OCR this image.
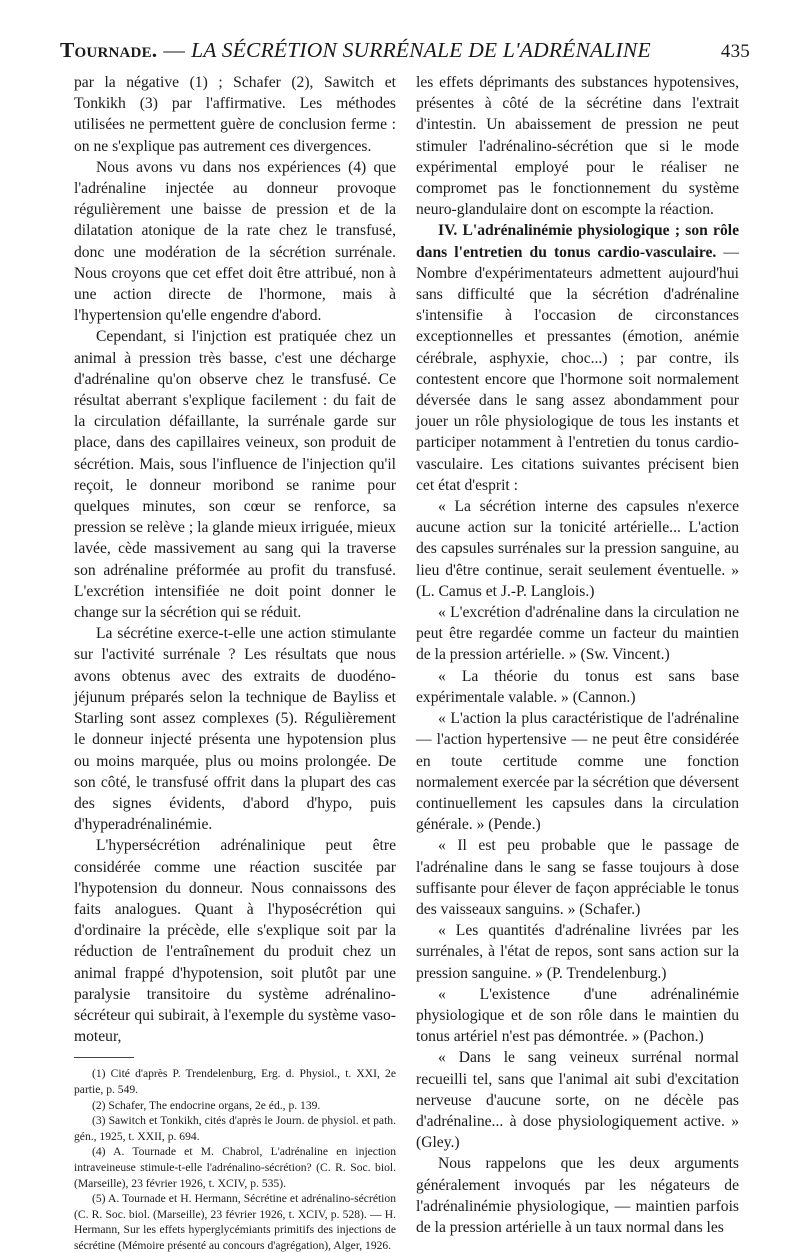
Tournade. — LA SÉCRÉTION SURRÉNALE DE L'ADRÉNALINE	435

par la négative (1) ; Schafer (2), Sawitch et Tonkikh (3) par l'affirmative. Les méthodes utilisées ne permettent guère de conclusion ferme : on ne s'explique pas autrement ces divergences.

Nous avons vu dans nos expériences (4) que l'adrénaline injectée au donneur provoque régulièrement une baisse de pression et de la dilatation atonique de la rate chez le transfusé, donc une modération de la sécrétion surrénale. Nous croyons que cet effet doit être attribué, non à une action directe de l'hormone, mais à l'hypertension qu'elle engendre d'abord.

Cependant, si l'injction est pratiquée chez un animal à pression très basse, c'est une décharge d'adrénaline qu'on observe chez le transfusé. Ce résultat aberrant s'explique facilement : du fait de la circulation défaillante, la surrénale garde sur place, dans des capillaires veineux, son produit de sécrétion. Mais, sous l'influence de l'injection qu'il reçoit, le donneur moribond se ranime pour quelques minutes, son cœur se renforce, sa pression se relève ; la glande mieux irriguée, mieux lavée, cède massivement au sang qui la traverse son adrénaline préformée au profit du transfusé. L'excrétion intensifiée ne doit point donner le change sur la sécrétion qui se réduit.

La sécrétine exerce-t-elle une action stimulante sur l'activité surrénale ? Les résultats que nous avons obtenus avec des extraits de duodéno-jéjunum préparés selon la technique de Bayliss et Starling sont assez complexes (5). Régulièrement le donneur injecté présenta une hypotension plus ou moins marquée, plus ou moins prolongée. De son côté, le transfusé offrit dans la plupart des cas des signes évidents, d'abord d'hypo, puis d'hyperadrénalinémie.

L'hypersécrétion adrénalinique peut être considérée comme une réaction suscitée par l'hypotension du donneur. Nous connaissons des faits analogues. Quant à l'hyposécrétion qui d'ordinaire la précède, elle s'explique soit par la réduction de l'entraînement du produit chez un animal frappé d'hypotension, soit plutôt par une paralysie transitoire du système adrénalino-sécréteur qui subirait, à l'exemple du système vaso-moteur,

(1) Cité d'après P. Trendelenburg, Erg. d. Physiol., t. XXI, 2e partie, p. 549.

(2) Schafer, The endocrine organs, 2e éd., p. 139.

(3) Sawitch et Tonkikh, cités d'après le Journ. de physiol. et path. gén., 1925, t. XXII, p. 694.

(4) A. Tournade et M. Chabrol, L'adrénaline en injection intraveineuse stimule-t-elle l'adrénalino-sécrétion? (C. R. Soc. biol. (Marseille), 23 février 1926, t. XCIV, p. 535).

(5) A. Tournade et H. Hermann, Sécrétine et adrénalino-sécrétion (C. R. Soc. biol. (Marseille), 23 février 1926, t. XCIV, p. 528). — H. Hermann, Sur les effets hyperglycémiants primitifs des injections de sécrétine (Mémoire présenté au concours d'agrégation), Alger, 1926.

les effets déprimants des substances hypotensives, présentes à côté de la sécrétine dans l'extrait d'intestin. Un abaissement de pression ne peut stimuler l'adrénalino-sécrétion que si le mode expérimental employé pour le réaliser ne compromet pas le fonctionnement du système neuro-glandulaire dont on escompte la réaction.

IV. L'adrénalinémie physiologique ; son rôle dans l'entretien du tonus cardio-vasculaire. — Nombre d'expérimentateurs admettent aujourd'hui sans difficulté que la sécrétion d'adrénaline s'intensifie à l'occasion de circonstances exceptionnelles et pressantes (émotion, anémie cérébrale, asphyxie, choc...) ; par contre, ils contestent encore que l'hormone soit normalement déversée dans le sang assez abondamment pour jouer un rôle physiologique de tous les instants et participer notamment à l'entretien du tonus cardio-vasculaire. Les citations suivantes précisent bien cet état d'esprit :

« La sécrétion interne des capsules n'exerce aucune action sur la tonicité artérielle... L'action des capsules surrénales sur la pression sanguine, au lieu d'être continue, serait seulement éventuelle. » (L. Camus et J.-P. Langlois.)

« L'excrétion d'adrénaline dans la circulation ne peut être regardée comme un facteur du maintien de la pression artérielle. » (Sw. Vincent.)

« La théorie du tonus est sans base expérimentale valable. » (Cannon.)

« L'action la plus caractéristique de l'adrénaline — l'action hypertensive — ne peut être considérée en toute certitude comme une fonction normalement exercée par la sécrétion que déversent continuellement les capsules dans la circulation générale. » (Pende.)

« Il est peu probable que le passage de l'adrénaline dans le sang se fasse toujours à dose suffisante pour élever de façon appréciable le tonus des vaisseaux sanguins. » (Schafer.)

« Les quantités d'adrénaline livrées par les surrénales, à l'état de repos, sont sans action sur la pression sanguine. » (P. Trendelenburg.)

« L'existence d'une adrénalinémie physiologique et de son rôle dans le maintien du tonus artériel n'est pas démontrée. » (Pachon.)

« Dans le sang veineux surrénal normal recueilli tel, sans que l'animal ait subi d'excitation nerveuse d'aucune sorte, on ne décèle pas d'adrénaline... à dose physiologiquement active. » (Gley.)

Nous rappelons que les deux arguments généralement invoqués par les négateurs de l'adrénalinémie physiologique, — maintien parfois de la pression artérielle à un taux normal dans les
